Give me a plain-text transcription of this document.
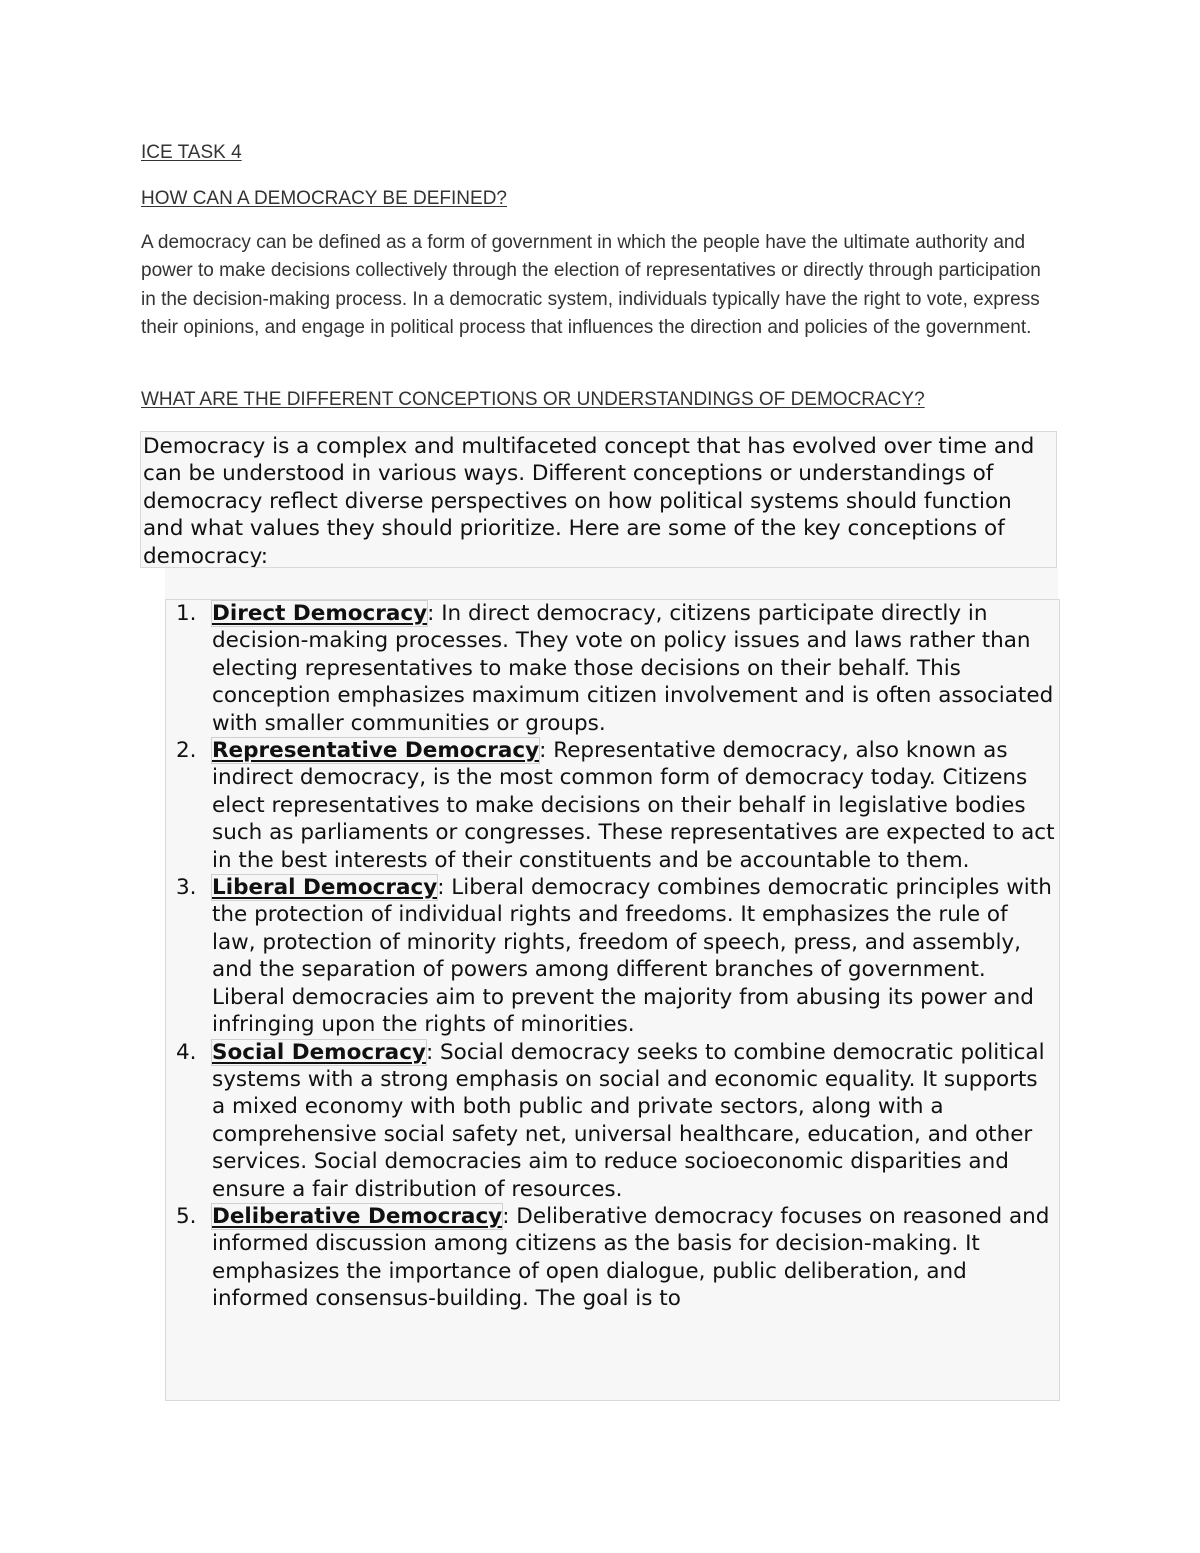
ICE TASK 4

HOW CAN A DEMOCRACY BE DEFINED?

A democracy can be defined as a form of government in which the people have the ultimate authority and power to make decisions collectively through the election of representatives or directly through participation in the decision-making process. In a democratic system, individuals typically have the right to vote, express their opinions, and engage in political process that influences the direction and policies of the government.

WHAT ARE THE DIFFERENT CONCEPTIONS OR UNDERSTANDINGS OF DEMOCRACY?

Democracy is a complex and multifaceted concept that has evolved over time and can be understood in various ways. Different conceptions or understandings of democracy reflect diverse perspectives on how political systems should function and what values they should prioritize. Here are some of the key conceptions of democracy:
1. Direct Democracy: In direct democracy, citizens participate directly in decision-making processes. They vote on policy issues and laws rather than electing representatives to make those decisions on their behalf. This conception emphasizes maximum citizen involvement and is often associated with smaller communities or groups.
2. Representative Democracy: Representative democracy, also known as indirect democracy, is the most common form of democracy today. Citizens elect representatives to make decisions on their behalf in legislative bodies such as parliaments or congresses. These representatives are expected to act in the best interests of their constituents and be accountable to them.
3. Liberal Democracy: Liberal democracy combines democratic principles with the protection of individual rights and freedoms. It emphasizes the rule of law, protection of minority rights, freedom of speech, press, and assembly, and the separation of powers among different branches of government. Liberal democracies aim to prevent the majority from abusing its power and infringing upon the rights of minorities.
4. Social Democracy: Social democracy seeks to combine democratic political systems with a strong emphasis on social and economic equality. It supports a mixed economy with both public and private sectors, along with a comprehensive social safety net, universal healthcare, education, and other services. Social democracies aim to reduce socioeconomic disparities and ensure a fair distribution of resources.
5. Deliberative Democracy: Deliberative democracy focuses on reasoned and informed discussion among citizens as the basis for decision-making. It emphasizes the importance of open dialogue, public deliberation, and informed consensus-building. The goal is to
